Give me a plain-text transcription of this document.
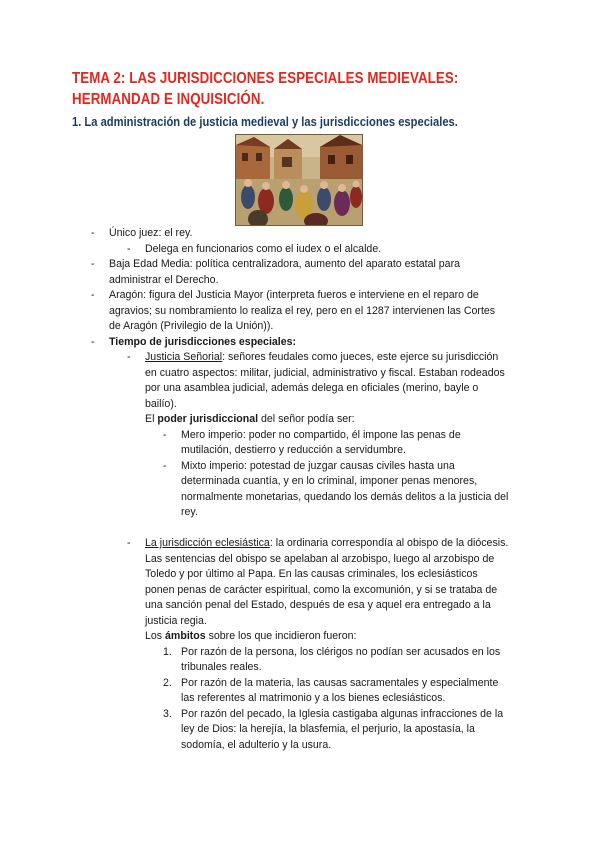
TEMA 2: LAS JURISDICCIONES ESPECIALES MEDIEVALES: HERMANDAD E INQUISICIÓN.
1. La administración de justicia medieval y las jurisdicciones especiales.
- Único juez: el rey.
- Delega en funcionarios como el iudex o el alcalde.
- Baja Edad Media: política centralizadora, aumento del aparato estatal para
administrar el Derecho.
- Aragón: figura del Justicia Mayor (interpreta fueros e interviene en el reparo de
agravios; su nombramiento lo realiza el rey, pero en el 1287 intervienen las Cortes
de Aragón (Privilegio de la Unión)).
- Tiempo de jurisdicciones especiales:
- Justicia Señorial: señores feudales como jueces, este ejerce su jurisdicción
en cuatro aspectos: militar, judicial, administrativo y fiscal. Estaban rodeados
por una asamblea judicial, además delega en oficiales (merino, bayle o
bailío).
El poder jurisdiccional del señor podía ser:
- Mero imperio: poder no compartido, él impone las penas de
mutilación, destierro y reducción a servidumbre.
- Mixto imperio: potestad de juzgar causas civiles hasta una
determinada cuantía, y en lo criminal, imponer penas menores,
normalmente monetarias, quedando los demás delitos a la justicia del
rey.
- La jurisdicción eclesiástica: la ordinaria correspondía al obispo de la diócesis.
Las sentencias del obispo se apelaban al arzobispo, luego al arzobispo de
Toledo y por último al Papa. En las causas criminales, los eclesiásticos
ponen penas de carácter espiritual, como la excomunión, y si se trataba de
una sanción penal del Estado, después de esa y aquel era entregado a la
justicia regia.
Los ámbitos sobre los que incidieron fueron:
1. Por razón de la persona, los clérigos no podían ser acusados en los
tribunales reales.
2. Por razón de la materia, las causas sacramentales y especialmente
las referentes al matrimonio y a los bienes eclesiásticos.
3. Por razón del pecado, la Iglesia castigaba algunas infracciones de la
ley de Dios: la herejía, la blasfemia, el perjurio, la apostasía, la
sodomía, el adulterio y la usura.
